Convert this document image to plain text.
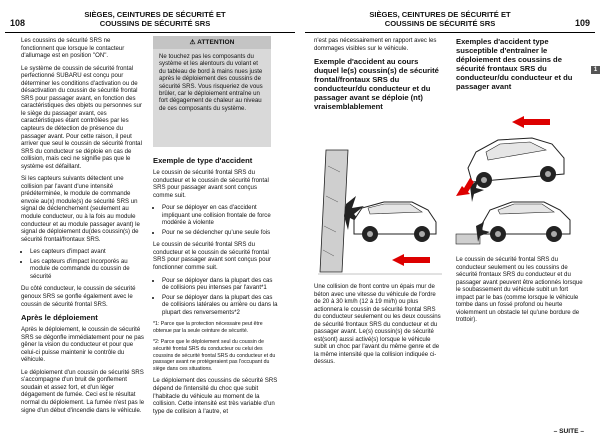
108
SIÈGES, CEINTURES DE SÉCURITÉ ET COUSSINS DE SÉCURITÉ SRS

Les coussins de sécurité SRS ne fonctionnent que lorsque le contacteur d'allumage est en position "ON".

Le système de coussin de sécurité frontal perfectionné SUBARU est conçu pour déterminer les conditions d'activation ou de désactivation du coussin de sécurité frontal SRS pour passager avant, en fonction des caractéristiques des objets ou personnes sur le siège du passager avant, ces caractéristiques étant contrôlées par les capteurs de détection de présence du passager avant. Pour cette raison, il peut arriver que seul le coussin de sécurité frontal SRS du conducteur se déploie en cas de collision, mais ceci ne signifie pas que le système est défaillant.

Si les capteurs suivants détectent une collision par l'avant d'une intensité prédéterminée, le module de commande envoie au(x) module(s) de sécurité SRS un signal de déclenchement (seulement au module conducteur, ou à la fois au module conducteur et au module passager avant) le signal de déploiement du(des coussin(s) de sécurité frontal/frontaux SRS.

• Les capteurs d'impact avant
• Les capteurs d'impact incorporés au module de commande du coussin de sécurité

Du côté conducteur, le coussin de sécurité genoux SRS se gonfle également avec le coussin de sécurité frontal SRS.

Après le déploiement

Après le déploiement, le coussin de sécurité SRS se dégonfle immédiatement pour ne pas gêner la vision du conducteur et pour que celui-ci puisse maintenir le contrôle du véhicule.

Le déploiement d'un coussin de sécurité SRS s'accompagne d'un bruit de gonflement soudain et assez fort, et d'un léger dégagement de fumée. Ceci est le résultat normal du déploiement. La fumée n'est pas le signe d'un début d'incendie dans le véhicule.

⚠ ATTENTION
Ne touchez pas les composants du système et les alentours du volant et du tableau de bord à mains nues juste après le déploiement des coussins de sécurité SRS. Vous risqueriez de vous brûler, car le déploiement entraîne un fort dégagement de chaleur au niveau de ces composants du système.
Exemple de type d'accident

Le coussin de sécurité frontal SRS du conducteur et le coussin de sécurité frontal SRS pour passager avant sont conçus comme suit.

• Pour se déployer en cas d'accident impliquant une collision frontale de force modérée à violente
• Pour ne se déclencher qu'une seule fois

Le coussin de sécurité frontal SRS du conducteur et le coussin de sécurité frontal SRS pour passager avant sont conçus pour fonctionner comme suit.

• Pour se déployer dans la plupart des cas de collisions peu intenses par l'avant*1
• Pour se déployer dans la plupart des cas de collisions latérales ou arrière ou dans la plupart des renversements*2

*1: Parce que la protection nécessaire peut être obtenue par la seule ceinture de sécurité.

*2: Parce que le déploiement seul du coussin de sécurité frontal SRS du conducteur ou celui des coussins de sécurité frontal SRS du conducteur et du passager avant ne protégeraient pas l'occupant du siège dans ces situations.

Le déploiement des coussins de sécurité SRS dépend de l'intensité du choc que subit l'habitacle du véhicule au moment de la collision. Cette intensité est très variable d'un type de collision à l'autre, et

SIÈGES, CEINTURES DE SÉCURITÉ ET COUSSINS DE SÉCURITÉ SRS	109
1

n'est pas nécessairement en rapport avec les dommages visibles sur le véhicule.

Exemple d'accident au cours duquel le(s) coussin(s) de sécurité frontal/frontaux SRS du conducteur/du conducteur et du passager avant se déploie (nt) vraisemblablement

Une collision de front contre un épais mur de béton avec une vitesse du véhicule de l'ordre de 20 à 30 km/h (12 à 19 mi/h) ou plus actionnera le coussin de sécurité frontal SRS du conducteur seulement ou les deux coussins de sécurité frontaux SRS du conducteur et du passager avant. Le(s) coussin(s) de sécurité est(sont) aussi activé(s) lorsque le véhicule subit un choc par l'avant du même genre et de la même intensité que la collision indiquée ci-dessus.

Exemples d'accident type susceptible d'entraîner le déploiement des coussins de sécurité frontaux SRS du conducteur/du conducteur et du passager avant

Le coussin de sécurité frontal SRS du conducteur seulement ou les coussins de sécurité frontaux SRS du conducteur et du passager avant peuvent être actionnés lorsque le soubassement du véhicule subit un fort impact par le bas (comme lorsque le véhicule tombe dans un fossé profond ou heurte violemment un obstacle tel qu'une bordure de trottoir).

– SUITE –
